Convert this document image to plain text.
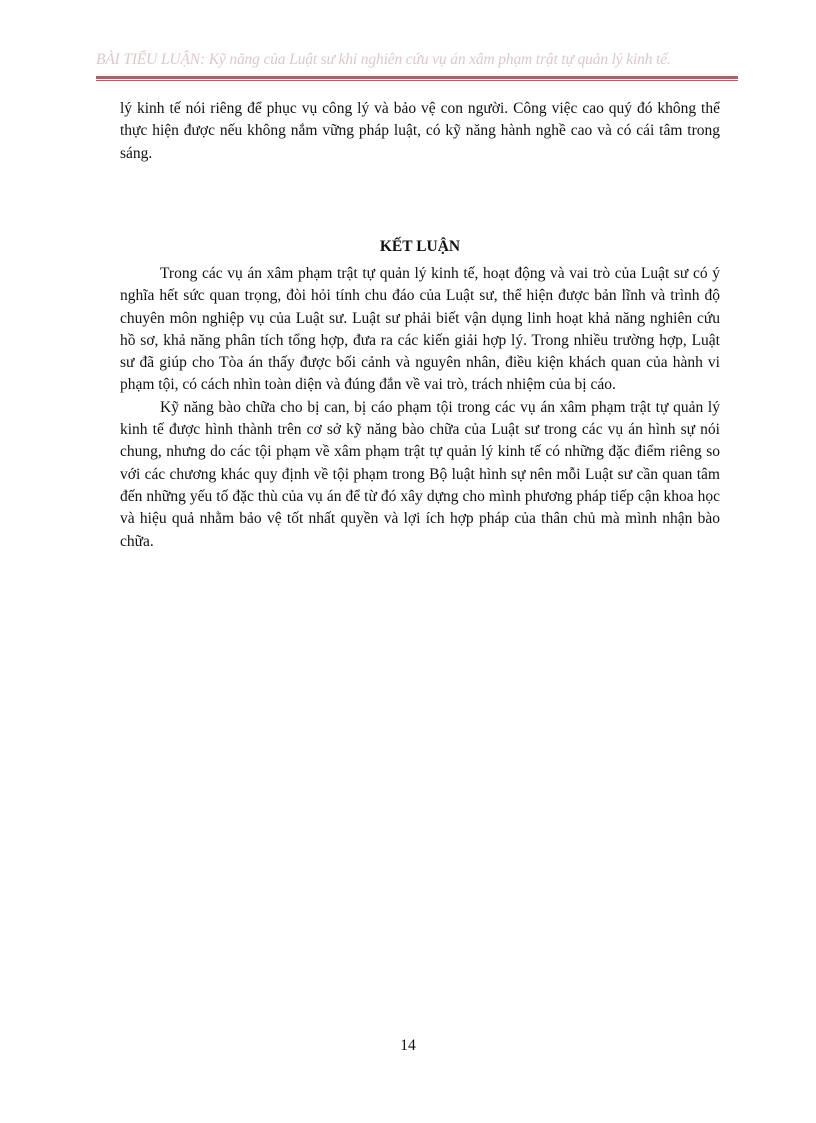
BÀI TIỂU LUẬN: Kỹ năng của Luật sư khi nghiên cứu vụ án xâm phạm trật tự quản lý kinh tế.

lý kinh tế nói riêng để phục vụ công lý và bảo vệ con người. Công việc cao quý đó không thể thực hiện được nếu không nắm vững pháp luật, có kỹ năng hành nghề cao và có cái tâm trong sáng.

KẾT LUẬN

Trong các vụ án xâm phạm trật tự quản lý kinh tế, hoạt động và vai trò của Luật sư có ý nghĩa hết sức quan trọng, đòi hỏi tính chu đáo của Luật sư, thể hiện được bản lĩnh và trình độ chuyên môn nghiệp vụ của Luật sư. Luật sư phải biết vận dụng linh hoạt khả năng nghiên cứu hồ sơ, khả năng phân tích tổng hợp, đưa ra các kiến giải hợp lý. Trong nhiều trường hợp, Luật sư đã giúp cho Tòa án thấy được bối cảnh và nguyên nhân, điều kiện khách quan của hành vi phạm tội, có cách nhìn toàn diện và đúng đắn về vai trò, trách nhiệm của bị cáo.

Kỹ năng bào chữa cho bị can, bị cáo phạm tội trong các vụ án xâm phạm trật tự quản lý kinh tế được hình thành trên cơ sở kỹ năng bào chữa của Luật sư trong các vụ án hình sự nói chung, nhưng do các tội phạm về xâm phạm trật tự quản lý kinh tế có những đặc điểm riêng so với các chương khác quy định về tội phạm trong Bộ luật hình sự nên mỗi Luật sư cần quan tâm đến những yếu tố đặc thù của vụ án để từ đó xây dựng cho mình phương pháp tiếp cận khoa học và hiệu quả nhằm bảo vệ tốt nhất quyền và lợi ích hợp pháp của thân chủ mà mình nhận bào chữa.

14
